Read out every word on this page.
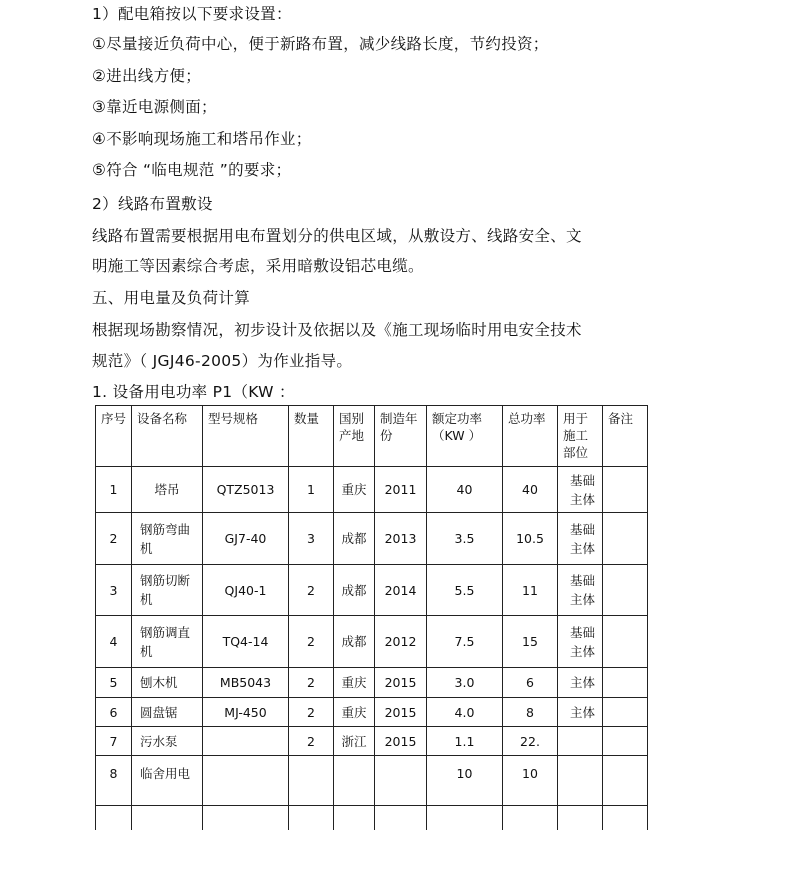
1）配电箱按以下要求设置：

①尽量接近负荷中心，便于新路布置，减少线路长度，节约投资；

②进出线方便；

③靠近电源侧面；

④不影响现场施工和塔吊作业；

⑤符合 “临电规范 ”的要求；

2）线路布置敷设

线路布置需要根据用电布置划分的供电区域，从敷设方、线路安全、文

明施工等因素综合考虑，采用暗敷设铝芯电缆。

五、用电量及负荷计算

根据现场勘察情况，初步设计及依据以及《施工现场临时用电安全技术

规范》（ JGJ46-2005）为作业指导。

1. 设备用电功率 P1（KW ：

序号	设备名称	型号规格	数量	国别产地	制造年份	额定功率（KW ）	总功率	用于施工部位	备注
1	塔吊	QTZ5013	1	重庆	2011	40	40	基础主体	
2	钢筋弯曲机	GJ7-40	3	成都	2013	3.5	10.5	基础主体	
3	钢筋切断机	QJ40-1	2	成都	2014	5.5	11	基础主体	
4	钢筋调直机	TQ4-14	2	成都	2012	7.5	15	基础主体	
5	刨木机	MB5043	2	重庆	2015	3.0	6	主体	
6	圆盘锯	MJ-450	2	重庆	2015	4.0	8	主体	
7	污水泵		2	浙江	2015	1.1	22.		
8	临舍用电					10	10		
